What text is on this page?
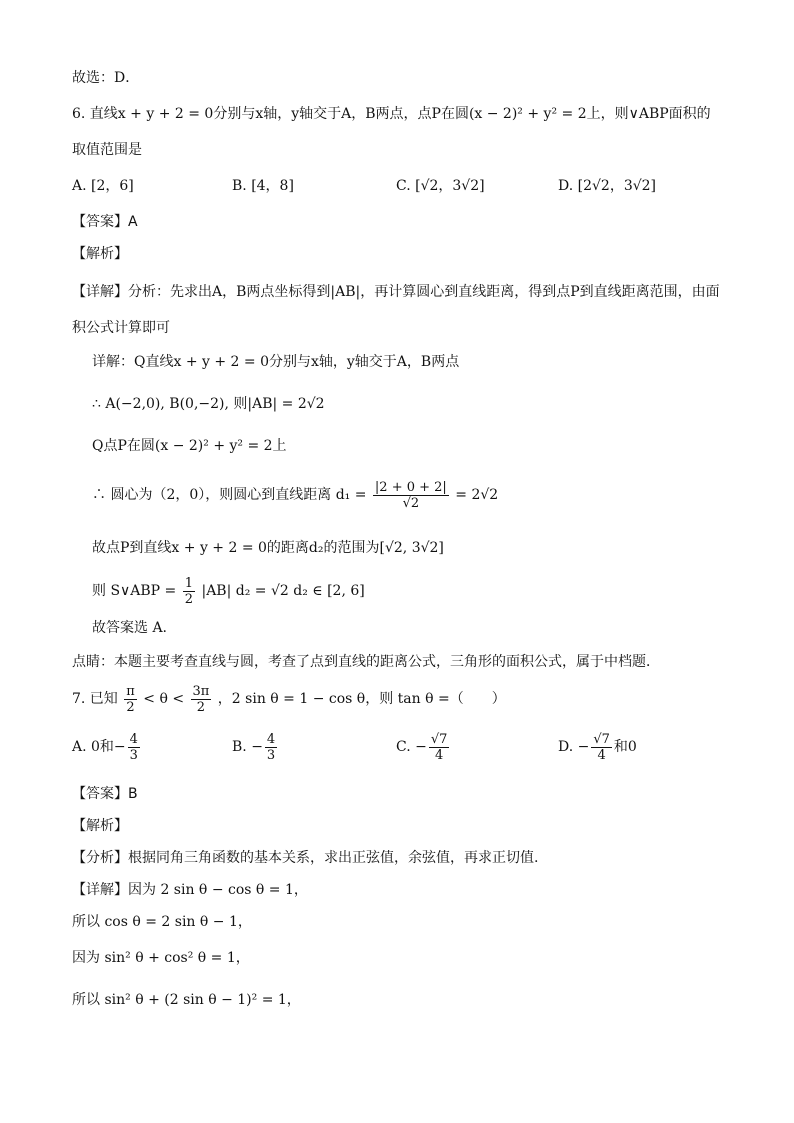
故选：D．
6. 直线x + y + 2 = 0分别与x轴，y轴交于A，B两点，点P在圆(x − 2)² + y² = 2上，则∨ABP面积的
取值范围是
A. [2，6]	B. [4，8]	C. [√2，3√2]	D. [2√2，3√2]
【答案】A
【解析】
【详解】分析：先求出A，B两点坐标得到|AB|，再计算圆心到直线距离，得到点P到直线距离范围，由面
积公式计算即可
详解：Q直线x + y + 2 = 0分别与x轴，y轴交于A，B两点
∴ A(−2,0), B(0,−2), 则|AB| = 2√2
Q点P在圆(x − 2)² + y² = 2上
∴ 圆心为（2，0），则圆心到直线距离 $d_1 = \frac{|2 + 0 + 2|}{√2} = 2√2$
故点P到直线x + y + 2 = 0的距离d₂的范围为[√2, 3√2]
则 S∨ABP = $\frac{1}{2} |AB|$ d₂ = √2 d₂ ∈ [2, 6]
故答案选 A.
点睛：本题主要考查直线与圆，考查了点到直线的距离公式，三角形的面积公式，属于中档题．
7. 已知 $\frac{\pi}{2} < \theta < \frac{3\pi}{2}$ ，2 sin θ = 1 − cos θ，则 tan θ =（　　）
A. 0和− $\frac{4}{3}$	B. − $\frac{4}{3}$	C. − $\frac{√7}{4}$	D. − $\frac{√7}{4}$ 和0
【答案】B
【解析】
【分析】根据同角三角函数的基本关系，求出正弦值，余弦值，再求正切值.
【详解】因为 2 sin θ − cos θ = 1，
所以 cos θ = 2 sin θ − 1，
因为 sin² θ + cos² θ = 1，
所以 sin² θ + (2 sin θ − 1)² = 1，
